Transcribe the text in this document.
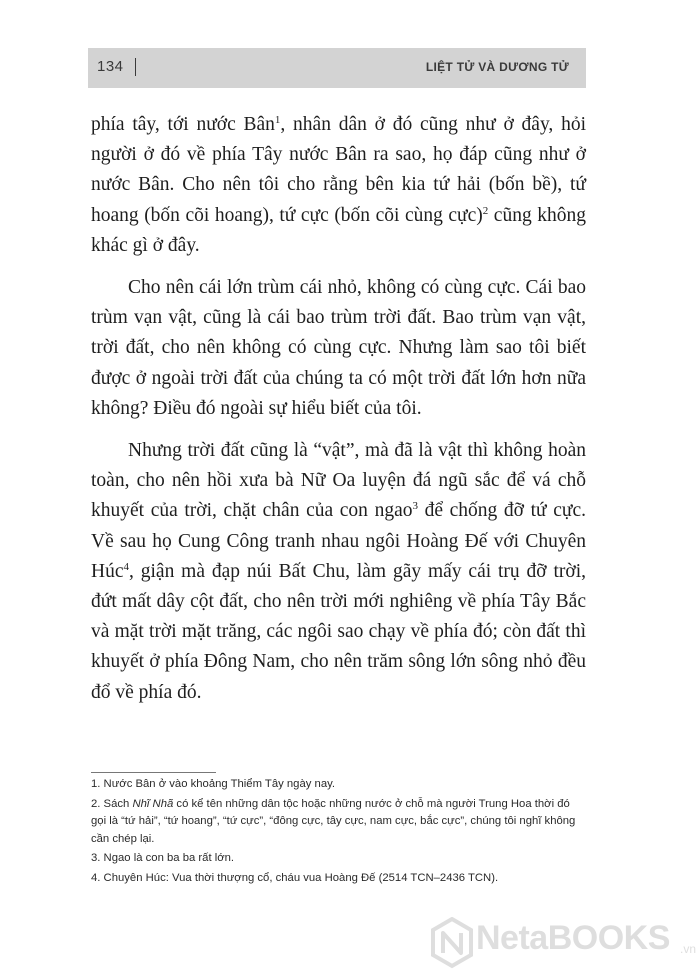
134	LIỆT TỬ VÀ DƯƠNG TỬ

phía tây, tới nước Bân$^1$, nhân dân ở đó cũng như ở đây, hỏi người ở đó về phía Tây nước Bân ra sao, họ đáp cũng như ở nước Bân. Cho nên tôi cho rằng bên kia tứ hải (bốn bề), tứ hoang (bốn cõi hoang), tứ cực (bốn cõi cùng cực)$^2$ cũng không khác gì ở đây.

Cho nên cái lớn trùm cái nhỏ, không có cùng cực. Cái bao trùm vạn vật, cũng là cái bao trùm trời đất. Bao trùm vạn vật, trời đất, cho nên không có cùng cực. Nhưng làm sao tôi biết được ở ngoài trời đất của chúng ta có một trời đất lớn hơn nữa không? Điều đó ngoài sự hiểu biết của tôi.

Nhưng trời đất cũng là “vật”, mà đã là vật thì không hoàn toàn, cho nên hồi xưa bà Nữ Oa luyện đá ngũ sắc để vá chỗ khuyết của trời, chặt chân của con ngao$^3$ để chống đỡ tứ cực. Về sau họ Cung Công tranh nhau ngôi Hoàng Đế với Chuyên Húc$^4$, giận mà đạp núi Bất Chu, làm gãy mấy cái trụ đỡ trời, đứt mất dây cột đất, cho nên trời mới nghiêng về phía Tây Bắc và mặt trời mặt trăng, các ngôi sao chạy về phía đó; còn đất thì khuyết ở phía Đông Nam, cho nên trăm sông lớn sông nhỏ đều đổ về phía đó.

1. Nước Bân ở vào khoảng Thiểm Tây ngày nay.

2. Sách Nhĩ Nhã có kể tên những dân tộc hoặc những nước ở chỗ mà người Trung Hoa thời đó gọi là “tứ hải”, “tứ hoang”, “tứ cực”, “đông cực, tây cực, nam cực, bắc cực”, chúng tôi nghĩ không cần chép lại.

3. Ngao là con ba ba rất lớn.

4. Chuyên Húc: Vua thời thượng cổ, cháu vua Hoàng Đế (2514 TCN–2436 TCN).

NetaBOOKS .vn
